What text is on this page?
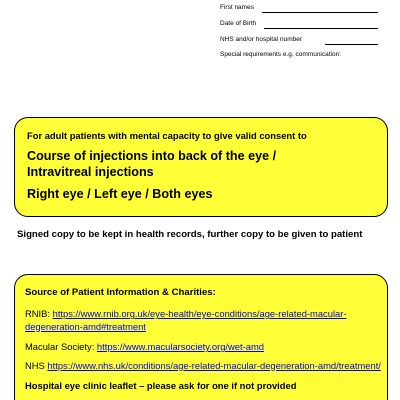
First names
Date of Birth
NHS and/or hospital number
Special requirements e.g. communication:
For adult patients with mental capacity to give valid consent to
Course of injections into back of the eye /
Intravitreal injections
Right eye / Left eye / Both eyes
Signed copy to be kept in health records, further copy to be given to patient
Source of Patient Information & Charities:
RNIB: https://www.rnib.org.uk/eye-health/eye-conditions/age-related-macular-degeneration-amd#treatment
Macular Society: https://www.macularsociety.org/wet-amd
NHS https://www.nhs.uk/conditions/age-related-macular-degeneration-amd/treatment/
Hospital eye clinic leaflet – please ask for one if not provided
